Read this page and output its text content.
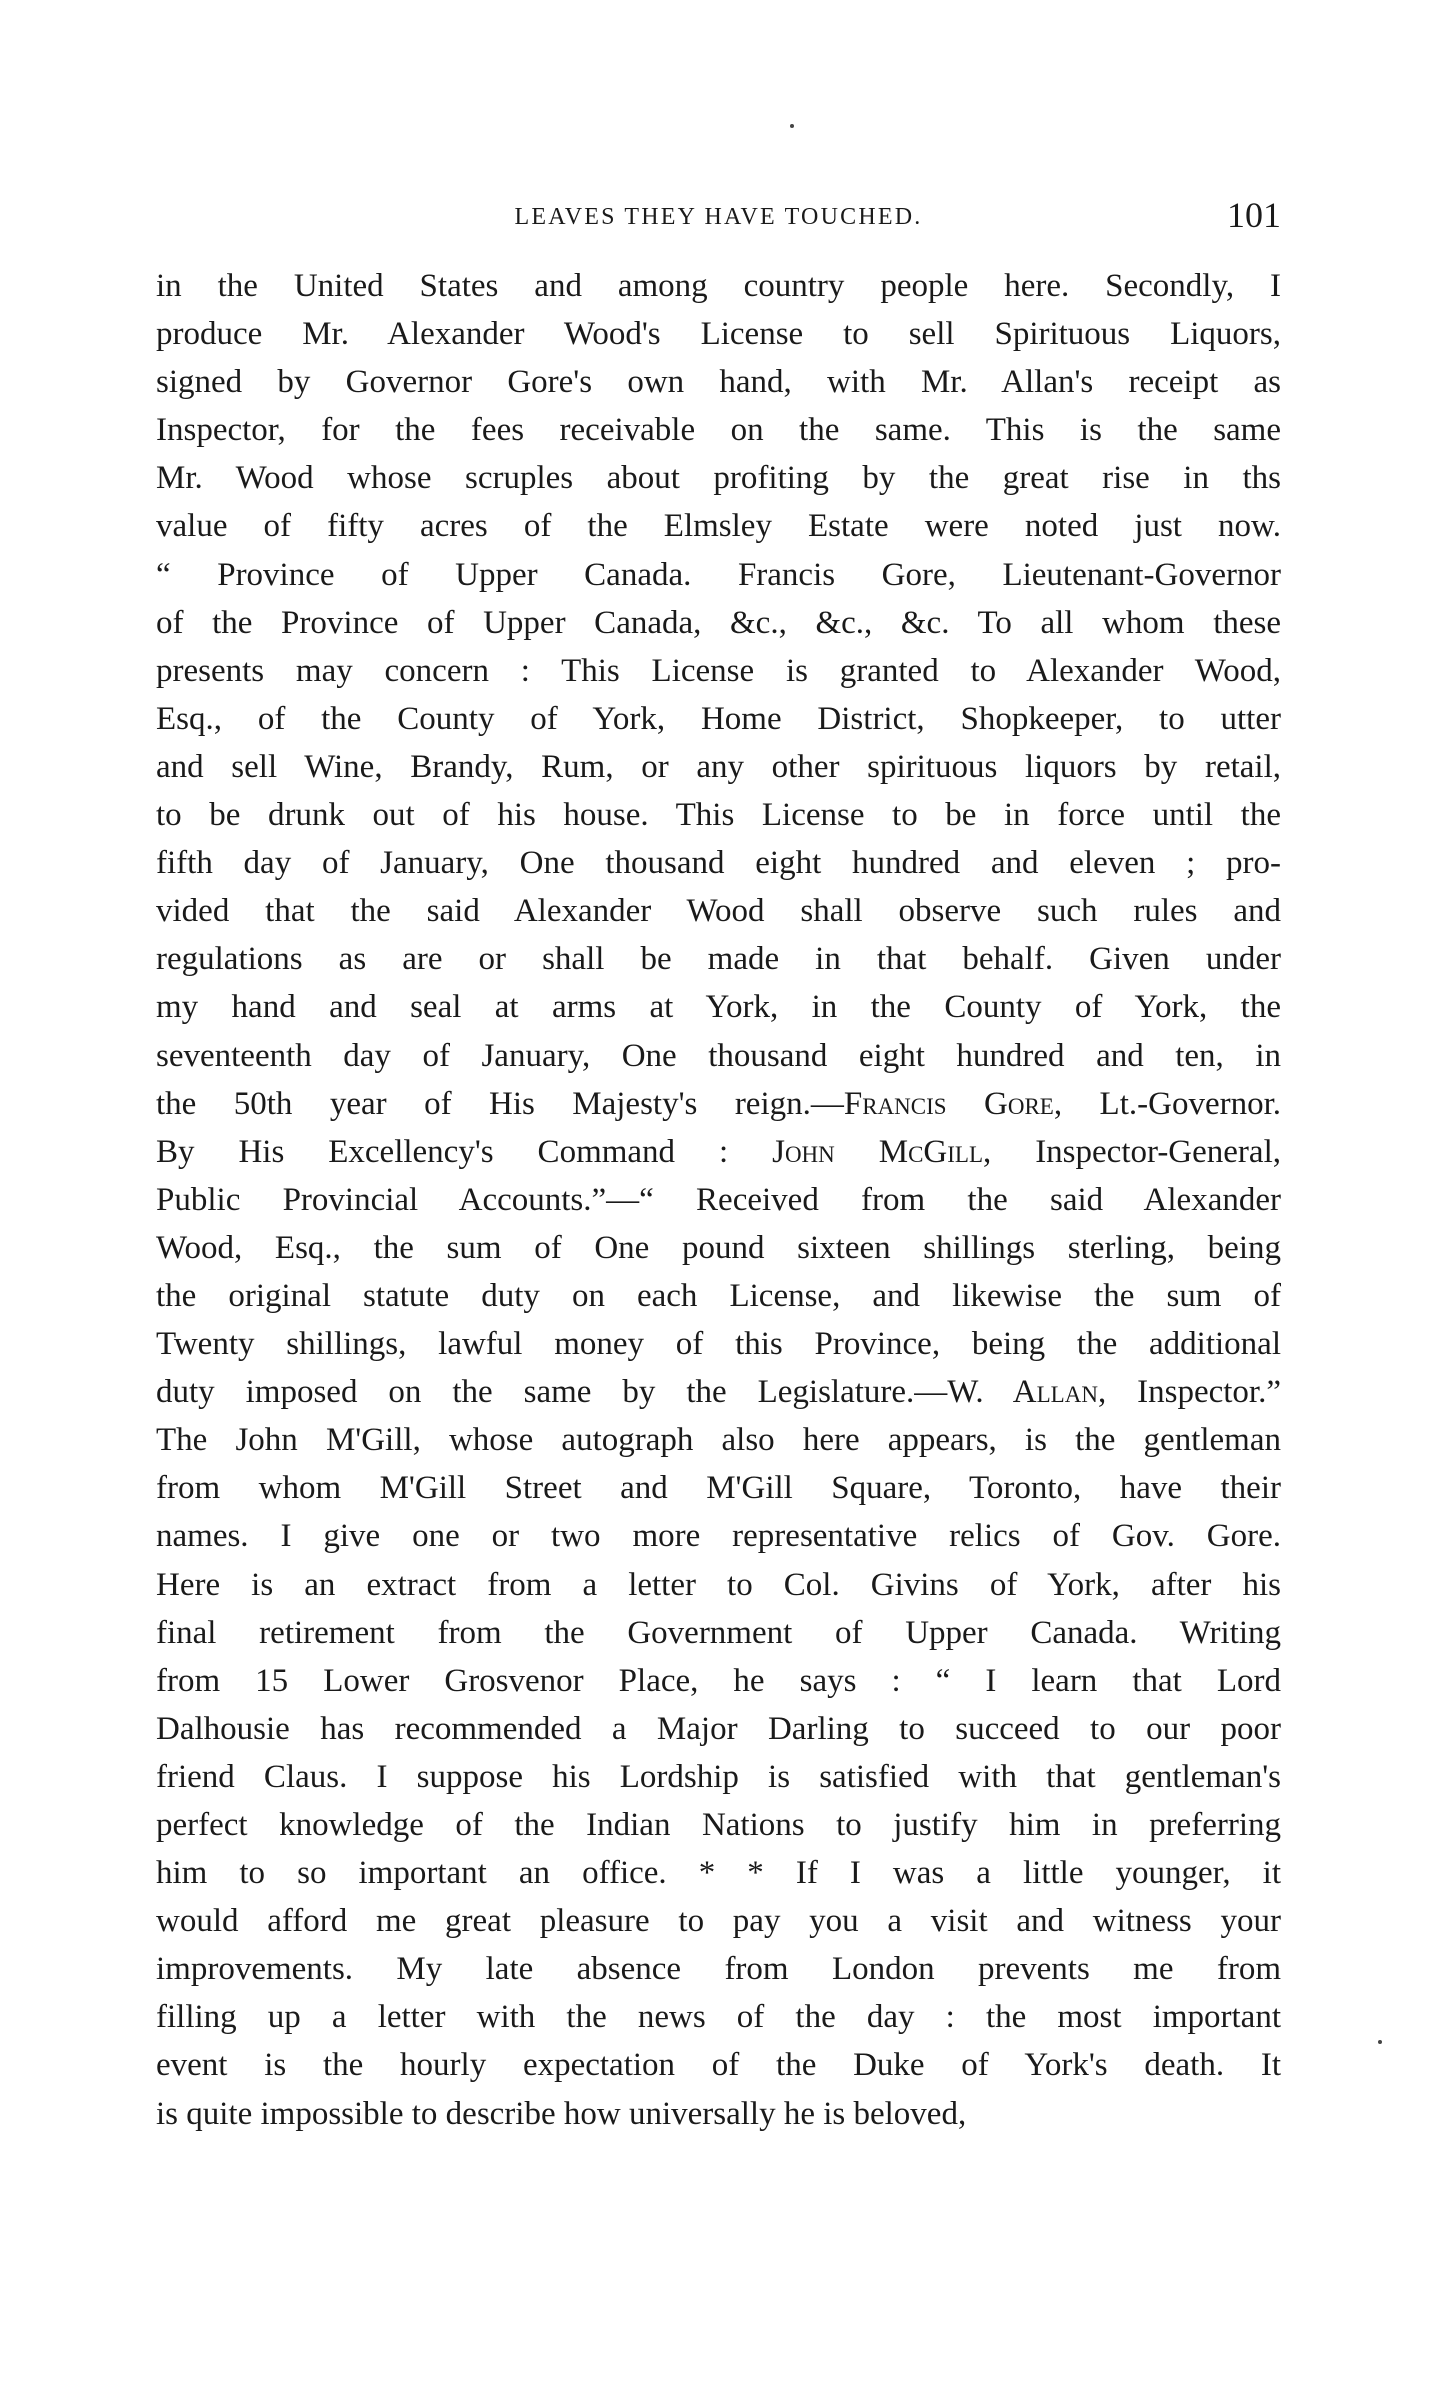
LEAVES THEY HAVE TOUCHED.	101
in the United States and among country people here. Secondly, I
produce Mr. Alexander Wood's License to sell Spirituous Liquors,
signed by Governor Gore's own hand, with Mr. Allan's receipt as
Inspector, for the fees receivable on the same. This is the same
Mr. Wood whose scruples about profiting by the great rise in ths
value of fifty acres of the Elmsley Estate were noted just now.
“ Province of Upper Canada. Francis Gore, Lieutenant-Governor
of the Province of Upper Canada, &c., &c., &c. To all whom these
presents may concern : This License is granted to Alexander Wood,
Esq., of the County of York, Home District, Shopkeeper, to utter
and sell Wine, Brandy, Rum, or any other spirituous liquors by retail,
to be drunk out of his house. This License to be in force until the
fifth day of January, One thousand eight hundred and eleven ; pro-
vided that the said Alexander Wood shall observe such rules and
regulations as are or shall be made in that behalf. Given under
my hand and seal at arms at York, in the County of York, the
seventeenth day of January, One thousand eight hundred and ten, in
the 50th year of His Majesty's reign.—Francis Gore, Lt.-Governor.
By His Excellency's Command : John McGill, Inspector-General,
Public Provincial Accounts.”—“ Received from the said Alexander
Wood, Esq., the sum of One pound sixteen shillings sterling, being
the original statute duty on each License, and likewise the sum of
Twenty shillings, lawful money of this Province, being the additional
duty imposed on the same by the Legislature.—W. Allan, Inspector.”
The John M'Gill, whose autograph also here appears, is the gentleman
from whom M'Gill Street and M'Gill Square, Toronto, have their
names. I give one or two more representative relics of Gov. Gore.
Here is an extract from a letter to Col. Givins of York, after his
final retirement from the Government of Upper Canada. Writing
from 15 Lower Grosvenor Place, he says : “ I learn that Lord
Dalhousie has recommended a Major Darling to succeed to our poor
friend Claus. I suppose his Lordship is satisfied with that gentleman's
perfect knowledge of the Indian Nations to justify him in preferring
him to so important an office. * * If I was a little younger, it
would afford me great pleasure to pay you a visit and witness your
improvements. My late absence from London prevents me from
filling up a letter with the news of the day : the most important
event is the hourly expectation of the Duke of York's death. It
is quite impossible to describe how universally he is beloved,
